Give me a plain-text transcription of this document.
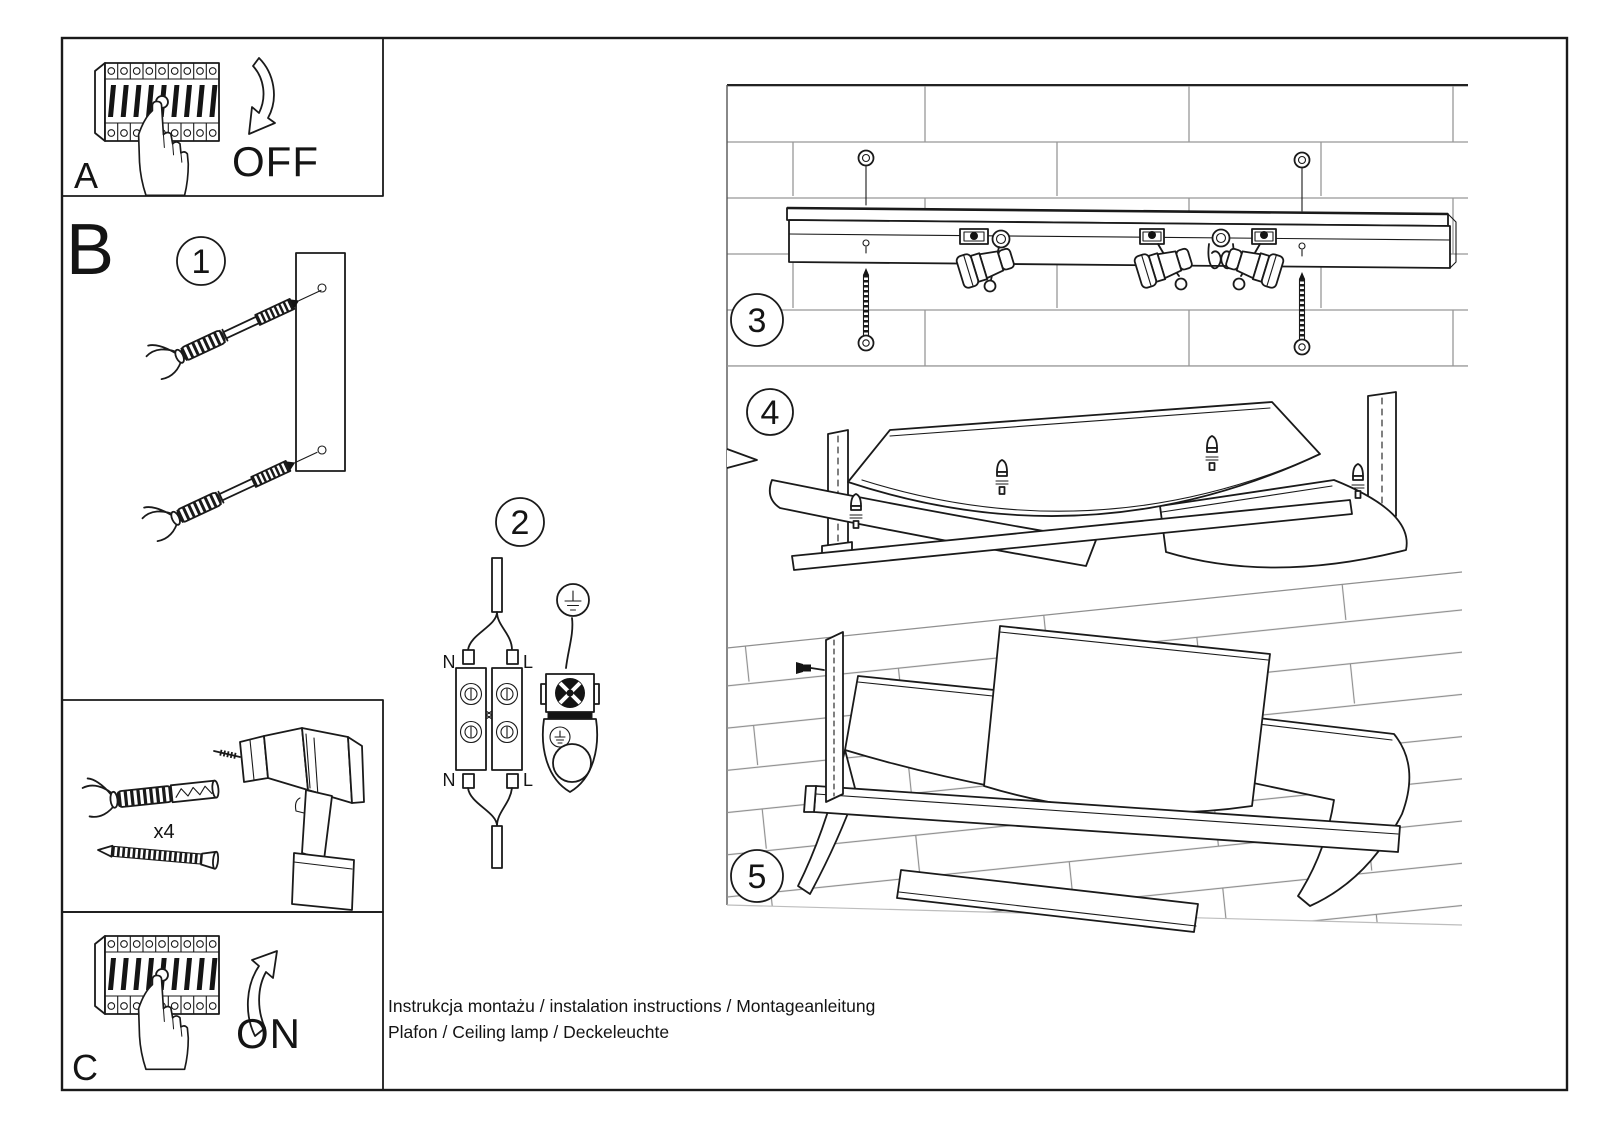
A	OFF
B 1
2
N	L
N	L
x4
C
ON
Instrukcja montażu / instalation instructions / Montageanleitung
Plafon / Ceiling lamp / Deckeleuchte
3
4
5
